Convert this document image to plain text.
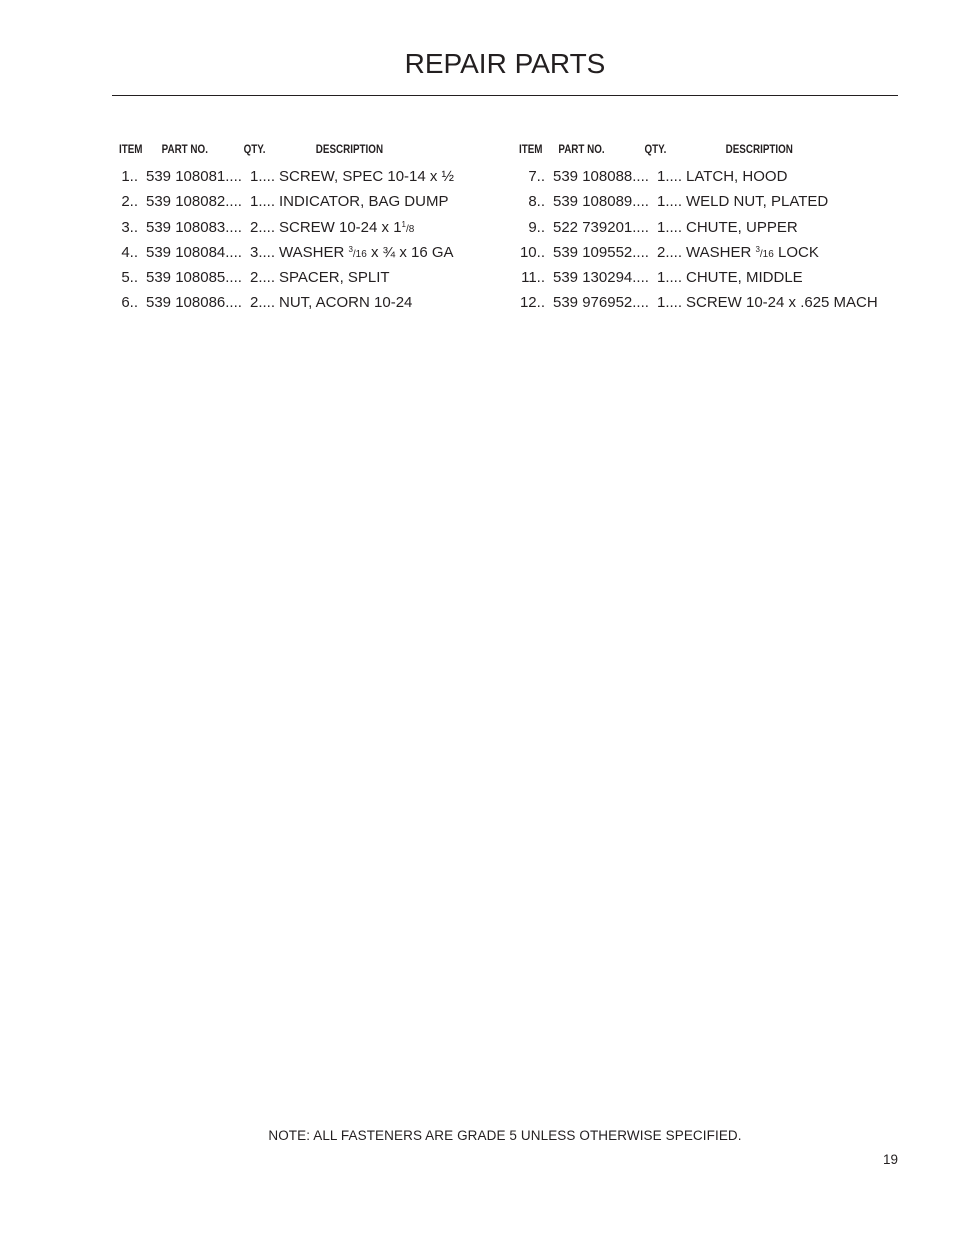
REPAIR PARTS
ITEM PART NO.	QTY.	DESCRIPTION
1.. 539 108081.... 1.... SCREW, SPEC 10-14 x ½
2.. 539 108082.... 1.... INDICATOR, BAG DUMP
3.. 539 108083.... 2.... SCREW 10-24 x $1^1/8$
4.. 539 108084.... 3.... WASHER $^3$/16 x ¾ x 16 GA
5.. 539 108085.... 2.... SPACER, SPLIT
6.. 539 108086.... 2.... NUT, ACORN 10-24
ITEM PART NO.	QTY.	DESCRIPTION
7.. 539 108088.... 1.... LATCH, HOOD
8.. 539 108089.... 1.... WELD NUT, PLATED
9.. 522 739201.... 1.... CHUTE, UPPER
10.. 539 109552.... 2.... WASHER $^3$/16 LOCK
11.. 539 130294.... 1.... CHUTE, MIDDLE
12.. 539 976952.... 1.... SCREW 10-24 x .625 MACH
NOTE: ALL FASTENERS ARE GRADE 5 UNLESS OTHERWISE SPECIFIED.
19
